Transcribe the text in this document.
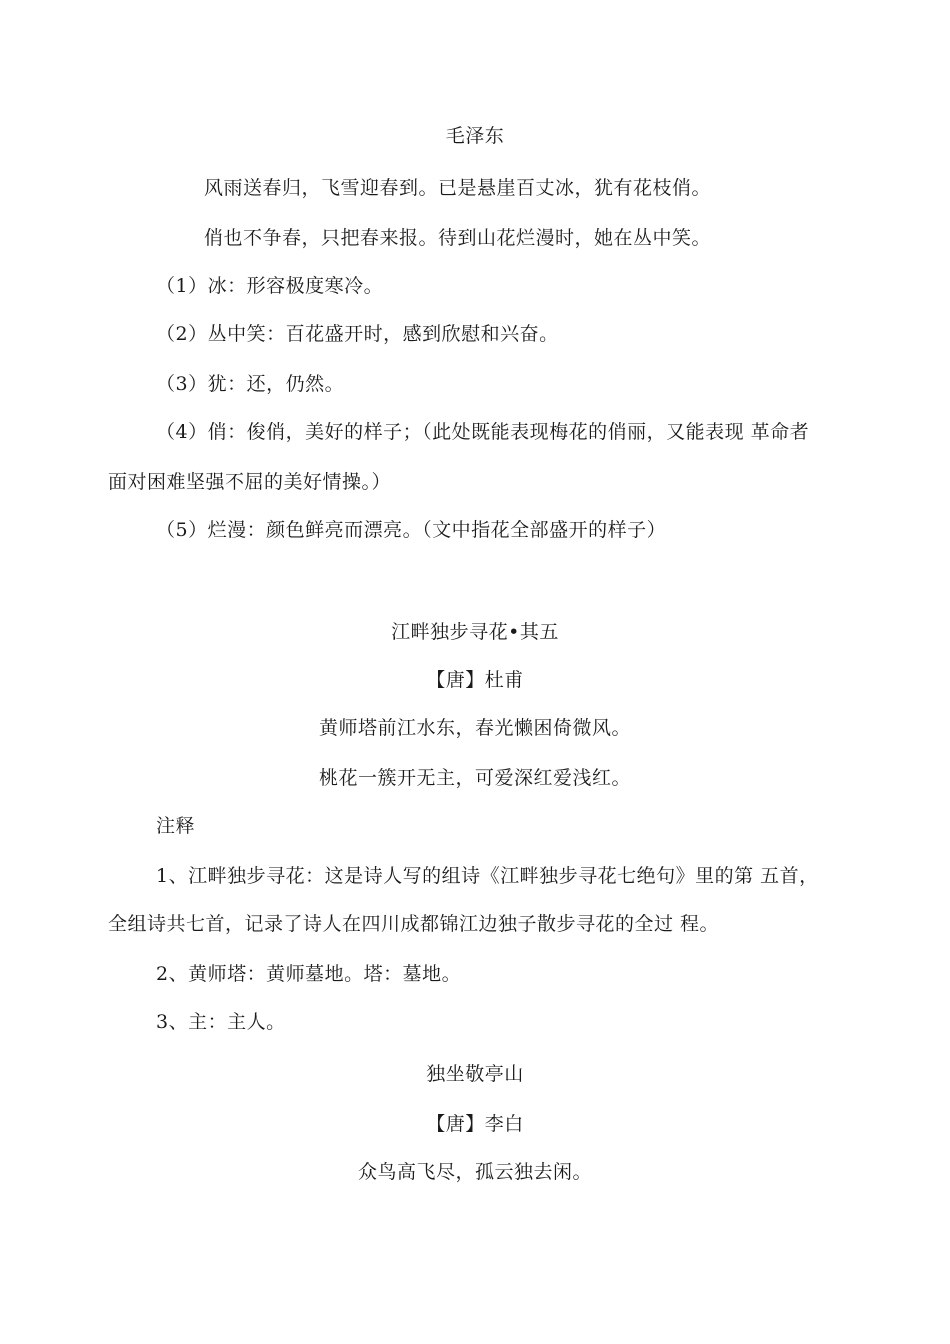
毛泽东
风雨送春归，飞雪迎春到。已是悬崖百丈冰，犹有花枝俏。
俏也不争春，只把春来报。待到山花烂漫时，她在丛中笑。
（1）冰：形容极度寒冷。
（2）丛中笑：百花盛开时，感到欣慰和兴奋。
（3）犹：还，仍然。
（4）俏：俊俏，美好的样子；（此处既能表现梅花的俏丽，又能表现 革命者
面对困难坚强不屈的美好情操。）
（5）烂漫：颜色鲜亮而漂亮。（文中指花全部盛开的样子）
江畔独步寻花•其五
【唐】杜甫
黄师塔前江水东，春光懒困倚微风。
桃花一簇开无主，可爱深红爱浅红。
注释
1、江畔独步寻花：这是诗人写的组诗《江畔独步寻花七绝句》里的第 五首，
全组诗共七首，记录了诗人在四川成都锦江边独子散步寻花的全过 程。
2、黄师塔：黄师墓地。塔：墓地。
3、主：主人。
独坐敬亭山
【唐】李白
众鸟高飞尽，孤云独去闲。
